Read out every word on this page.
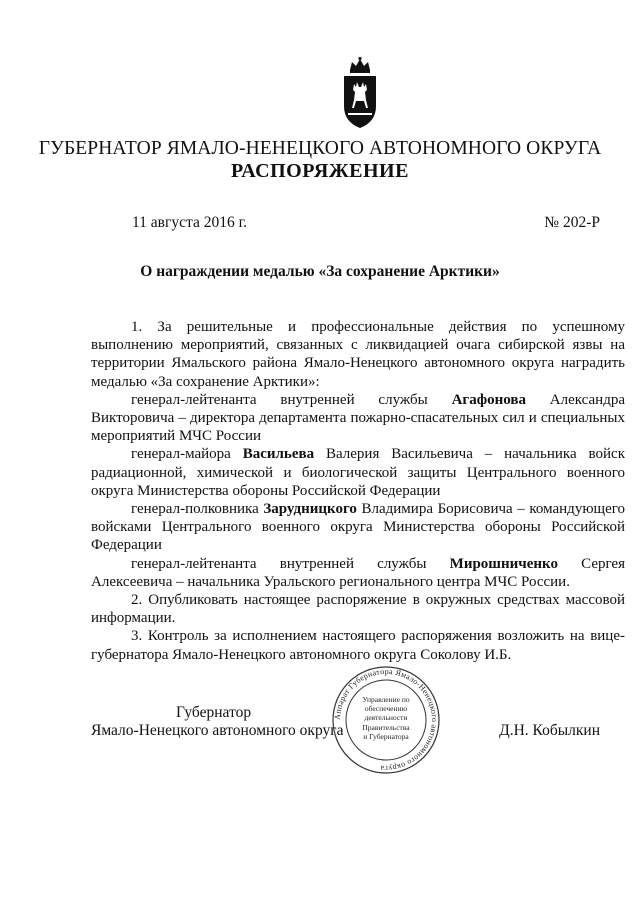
ГУБЕРНАТОР ЯМАЛО-НЕНЕЦКОГО АВТОНОМНОГО ОКРУГА
РАСПОРЯЖЕНИЕ
11 августа 2016 г.	№ 202-Р
О награждении медалью «За сохранение Арктики»

1. За решительные и профессиональные действия по успешному выполнению мероприятий, связанных с ликвидацией очага сибирской язвы на территории Ямальского района Ямало-Ненецкого автономного округа наградить медалью «За сохранение Арктики»:

генерал-лейтенанта внутренней службы Агафонова Александра Викторовича – директора департамента пожарно-спасательных сил и специальных мероприятий МЧС России

генерал-майора Васильева Валерия Васильевича – начальника войск радиационной, химической и биологической защиты Центрального военного округа Министерства обороны Российской Федерации

генерал-полковника Зарудницкого Владимира Борисовича – командующего войсками Центрального военного округа Министерства обороны Российской Федерации

генерал-лейтенанта внутренней службы Мирошниченко Сергея Алексеевича – начальника Уральского регионального центра МЧС России.

2. Опубликовать настоящее распоряжение в окружных средствах массовой информации.

3. Контроль за исполнением настоящего распоряжения возложить на вице-губернатора Ямало-Ненецкого автономного округа Соколову И.Б.

Губернатор
Ямало-Ненецкого автономного округа	Д.Н. Кобылкин
Аппарат Губернатора Ямало-Ненецкого автономного округа
Управление по
обеспечению
деятельности
Правительства
и Губернатора
